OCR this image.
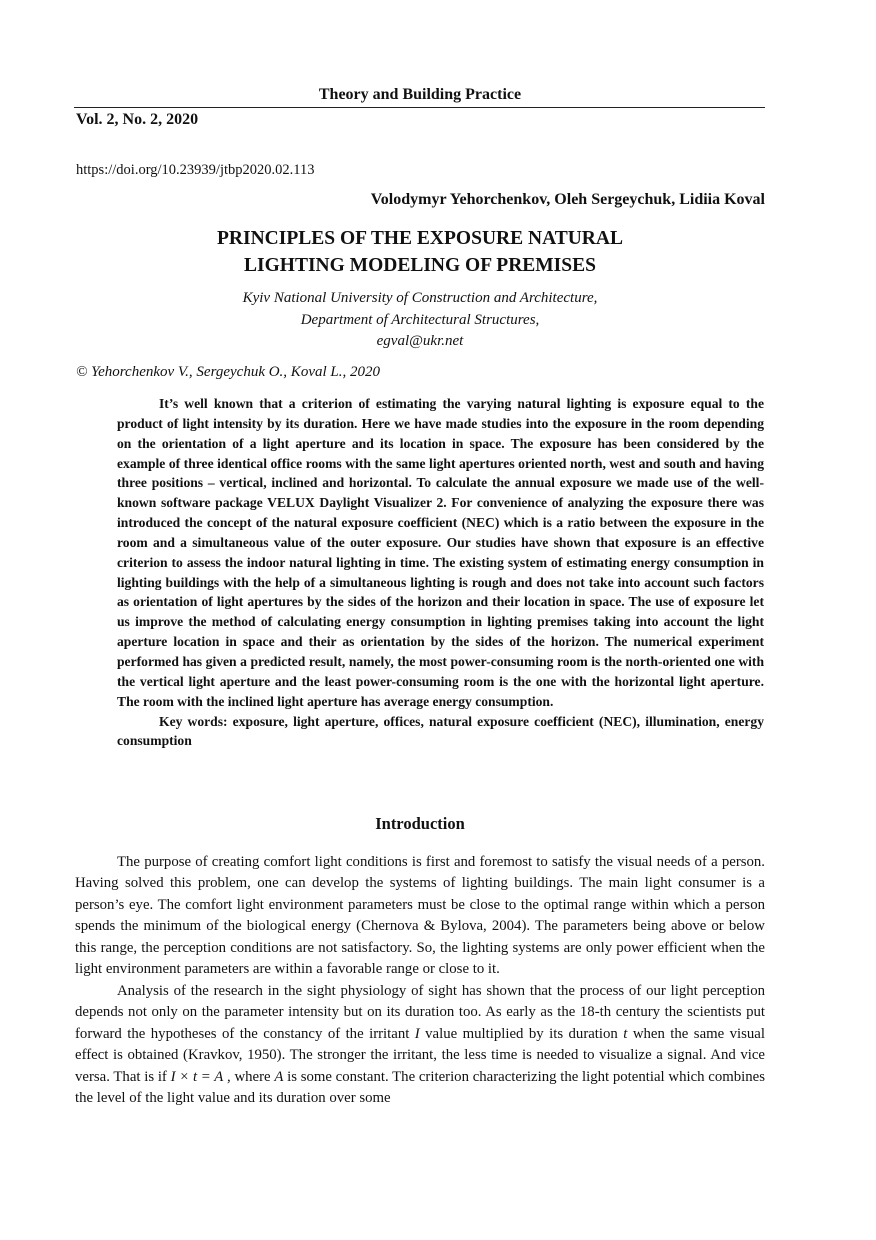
Theory and Building Practice
Vol. 2, No. 2, 2020
https://doi.org/10.23939/jtbp2020.02.113
Volodymyr Yehorchenkov, Oleh Sergeychuk, Lidiia Koval
PRINCIPLES OF THE EXPOSURE NATURAL
LIGHTING MODELING OF PREMISES
Kyiv National University of Construction and Architecture,
Department of Architectural Structures,
egval@ukr.net
© Yehorchenkov V., Sergeychuk O., Koval L., 2020

It’s well known that a criterion of estimating the varying natural lighting is exposure equal to the product of light intensity by its duration. Here we have made studies into the exposure in the room depending on the orientation of a light aperture and its location in space. The exposure has been considered by the example of three identical office rooms with the same light apertures oriented north, west and south and having three positions – vertical, inclined and horizontal. To calculate the annual exposure we made use of the well-known software package VELUX Daylight Visualizer 2. For convenience of analyzing the exposure there was introduced the concept of the natural exposure coefficient (NEC) which is a ratio between the exposure in the room and a simultaneous value of the outer exposure. Our studies have shown that exposure is an effective criterion to assess the indoor natural lighting in time. The existing system of estimating energy consumption in lighting buildings with the help of a simultaneous lighting is rough and does not take into account such factors as orientation of light apertures by the sides of the horizon and their location in space. The use of exposure let us improve the method of calculating energy consumption in lighting premises taking into account the light aperture location in space and their as orientation by the sides of the horizon. The numerical experiment performed has given a predicted result, namely, the most power-consuming room is the north-oriented one with the vertical light aperture and the least power-consuming room is the one with the horizontal light aperture. The room with the inclined light aperture has average energy consumption.

Key words: exposure, light aperture, offices, natural exposure coefficient (NEC), illumination, energy consumption

Introduction

The purpose of creating comfort light conditions is first and foremost to satisfy the visual needs of a person. Having solved this problem, one can develop the systems of lighting buildings. The main light consumer is a person’s eye. The comfort light environment parameters must be close to the optimal range within which a person spends the minimum of the biological energy (Chernova & Bylova, 2004). The parameters being above or below this range, the perception conditions are not satisfactory. So, the lighting systems are only power efficient when the light environment parameters are within a favorable range or close to it.

Analysis of the research in the sight physiology of sight has shown that the process of our light perception depends not only on the parameter intensity but on its duration too. As early as the 18-th century the scientists put forward the hypotheses of the constancy of the irritant I value multiplied by its duration t when the same visual effect is obtained (Kravkov, 1950). The stronger the irritant, the less time is needed to visualize a signal. And vice versa. That is if I × t = A , where A is some constant. The criterion characterizing the light potential which combines the level of the light value and its duration over some
